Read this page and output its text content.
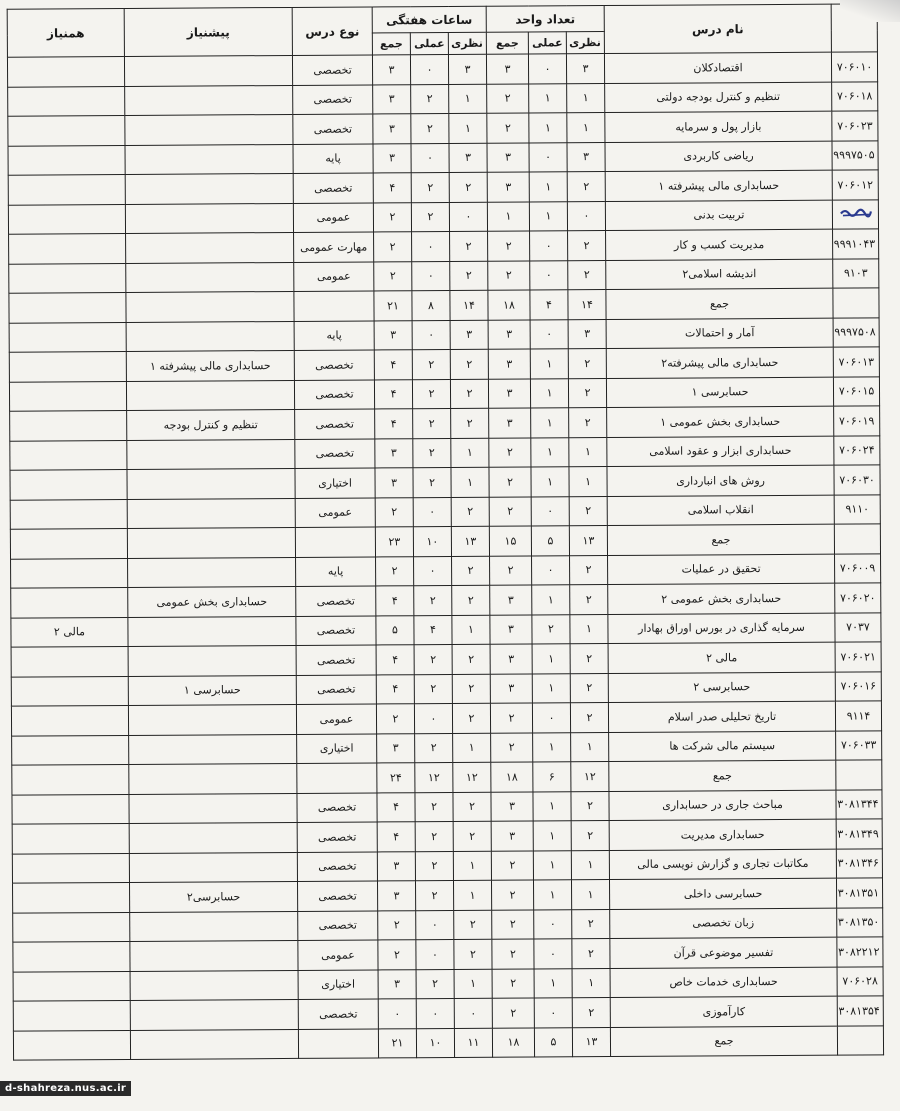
	نام درس	تعداد واحد			ساعات هفتگی			نوع درس	پیشنیاز	همنیاز
		نظری	عملی	جمع	نظری	عملی	جمع			
۷۰۶۰۱۰	اقتصادکلان	۳	۰	۳	۳	۰	۳	تخصصی		
۷۰۶۰۱۸	تنظیم و کنترل بودجه دولتی	۱	۱	۲	۱	۲	۳	تخصصی		
۷۰۶۰۲۳	بازار پول و سرمایه	۱	۱	۲	۱	۲	۳	تخصصی		
۹۹۹۷۵۰۵	ریاضی کاربردی	۳	۰	۳	۳	۰	۳	پایه		
۷۰۶۰۱۲	حسابداری مالی پیشرفته ۱	۲	۱	۳	۲	۲	۴	تخصصی		
	تربیت بدنی	۰	۱	۱	۰	۲	۲	عمومی		
۹۹۹۱۰۴۳	مدیریت کسب و کار	۲	۰	۲	۲	۰	۲	مهارت عمومی		
۹۱۰۳	اندیشه اسلامی۲	۲	۰	۲	۲	۰	۲	عمومی		
	جمع	۱۴	۴	۱۸	۱۴	۸	۲۱			
۹۹۹۷۵۰۸	آمار و احتمالات	۳	۰	۳	۳	۰	۳	پایه		
۷۰۶۰۱۳	حسابداری مالی پیشرفته۲	۲	۱	۳	۲	۲	۴	تخصصی	حسابداری مالی پیشرفته ۱	
۷۰۶۰۱۵	حسابرسی ۱	۲	۱	۳	۲	۲	۴	تخصصی		
۷۰۶۰۱۹	حسابداری بخش عمومی ۱	۲	۱	۳	۲	۲	۴	تخصصی	تنظیم و کنترل بودجه	
۷۰۶۰۲۴	حسابداری ابزار و عقود اسلامی	۱	۱	۲	۱	۲	۳	تخصصی		
۷۰۶۰۳۰	روش های انبارداری	۱	۱	۲	۱	۲	۳	اختیاری		
۹۱۱۰	انقلاب اسلامی	۲	۰	۲	۲	۰	۲	عمومی		
	جمع	۱۳	۵	۱۵	۱۳	۱۰	۲۳			
۷۰۶۰۰۹	تحقیق در عملیات	۲	۰	۲	۲	۰	۲	پایه		
۷۰۶۰۲۰	حسابداری بخش عمومی ۲	۲	۱	۳	۲	۲	۴	تخصصی	حسابداری بخش عمومی	
۷۰۳۷	سرمایه گذاری در بورس اوراق بهادار	۱	۲	۳	۱	۴	۵	تخصصی		مالی ۲
۷۰۶۰۲۱	مالی ۲	۲	۱	۳	۲	۲	۴	تخصصی		
۷۰۶۰۱۶	حسابرسی ۲	۲	۱	۳	۲	۲	۴	تخصصی	حسابرسی ۱	
۹۱۱۴	تاریخ تحلیلی صدر اسلام	۲	۰	۲	۲	۰	۲	عمومی		
۷۰۶۰۳۳	سیستم مالی شرکت ها	۱	۱	۲	۱	۲	۳	اختیاری		
	جمع	۱۲	۶	۱۸	۱۲	۱۲	۲۴			
۳۰۸۱۳۴۴	مباحث جاری در حسابداری	۲	۱	۳	۲	۲	۴	تخصصی		
۳۰۸۱۳۴۹	حسابداری مدیریت	۲	۱	۳	۲	۲	۴	تخصصی		
۳۰۸۱۳۴۶	مکاتبات تجاری و گزارش نویسی مالی	۱	۱	۲	۱	۲	۳	تخصصی		
۳۰۸۱۳۵۱	حسابرسی داخلی	۱	۱	۲	۱	۲	۳	تخصصی	حسابرسی۲	
۳۰۸۱۳۵۰	زبان تخصصی	۲	۰	۲	۲	۰	۲	تخصصی		
۳۰۸۲۲۱۲	تفسیر موضوعی قرآن	۲	۰	۲	۲	۰	۲	عمومی		
۷۰۶۰۲۸	حسابداری خدمات خاص	۱	۱	۲	۱	۲	۳	اختیاری		
۳۰۸۱۳۵۴	کارآموزی	۲	۰	۲	۰	۰	۰	تخصصی		
	جمع	۱۳	۵	۱۸	۱۱	۱۰	۲۱			
d-shahreza.nus.ac.ir
